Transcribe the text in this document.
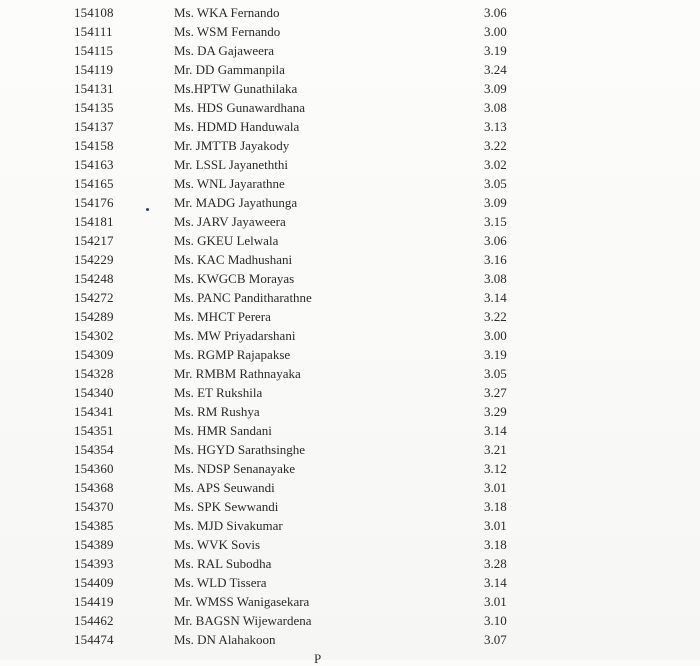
154108	Ms. WKA Fernando	3.06
154111	Ms. WSM Fernando	3.00
154115	Ms. DA Gajaweera	3.19
154119	Mr. DD Gammanpila	3.24
154131	Ms.HPTW Gunathilaka	3.09
154135	Ms. HDS Gunawardhana	3.08
154137	Ms. HDMD Handuwala	3.13
154158	Mr. JMTTB Jayakody	3.22
154163	Mr. LSSL Jayaneththi	3.02
154165	Ms. WNL Jayarathne	3.05
154176	Mr. MADG Jayathunga	3.09
154181	Ms. JARV Jayaweera	3.15
154217	Ms. GKEU Lelwala	3.06
154229	Ms. KAC Madhushani	3.16
154248	Ms. KWGCB Morayas	3.08
154272	Ms. PANC Panditharathne	3.14
154289	Ms. MHCT Perera	3.22
154302	Ms. MW Priyadarshani	3.00
154309	Ms. RGMP Rajapakse	3.19
154328	Mr. RMBM Rathnayaka	3.05
154340	Ms. ET Rukshila	3.27
154341	Ms. RM Rushya	3.29
154351	Ms. HMR Sandani	3.14
154354	Ms. HGYD Sarathsinghe	3.21
154360	Ms. NDSP Senanayake	3.12
154368	Ms. APS Seuwandi	3.01
154370	Ms. SPK Sewwandi	3.18
154385	Ms. MJD Sivakumar	3.01
154389	Ms. WVK Sovis	3.18
154393	Ms. RAL Subodha	3.28
154409	Ms. WLD Tissera	3.14
154419	Mr. WMSS Wanigasekara	3.01
154462	Mr. BAGSN Wijewardena	3.10
154474	Ms. DN Alahakoon	3.07
P
